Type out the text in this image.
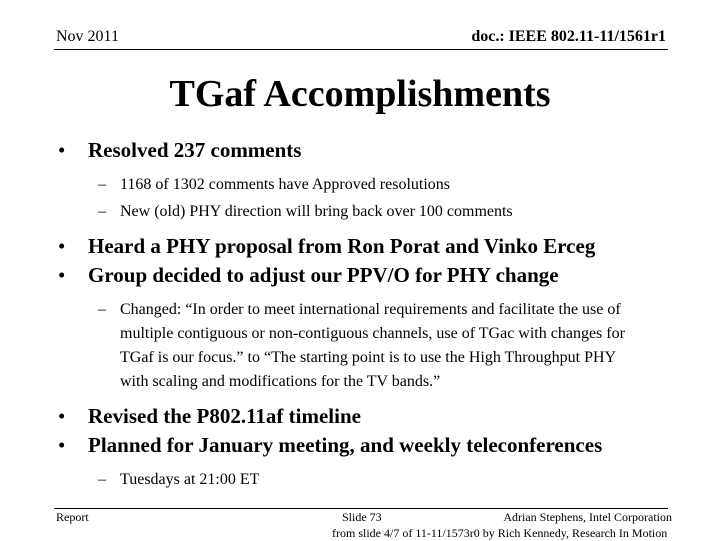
Nov 2011	doc.: IEEE 802.11-11/1561r1
TGaf Accomplishments
• Resolved 237 comments
– 1168 of 1302 comments have Approved resolutions
– New (old) PHY direction will bring back over 100 comments
• Heard a PHY proposal from Ron Porat and Vinko Erceg
• Group decided to adjust our PPV/O for PHY change
– Changed: “In order to meet international requirements and facilitate the use of multiple contiguous or non-contiguous channels, use of TGac with changes for TGaf is our focus.” to “The starting point is to use the High Throughput PHY with scaling and modifications for the TV bands.”
• Revised the P802.11af timeline
• Planned for January meeting, and weekly teleconferences
– Tuesdays at 21:00 ET
Report	Slide 73	Adrian Stephens, Intel Corporation
from slide 4/7 of 11-11/1573r0 by Rich Kennedy, Research In Motion
